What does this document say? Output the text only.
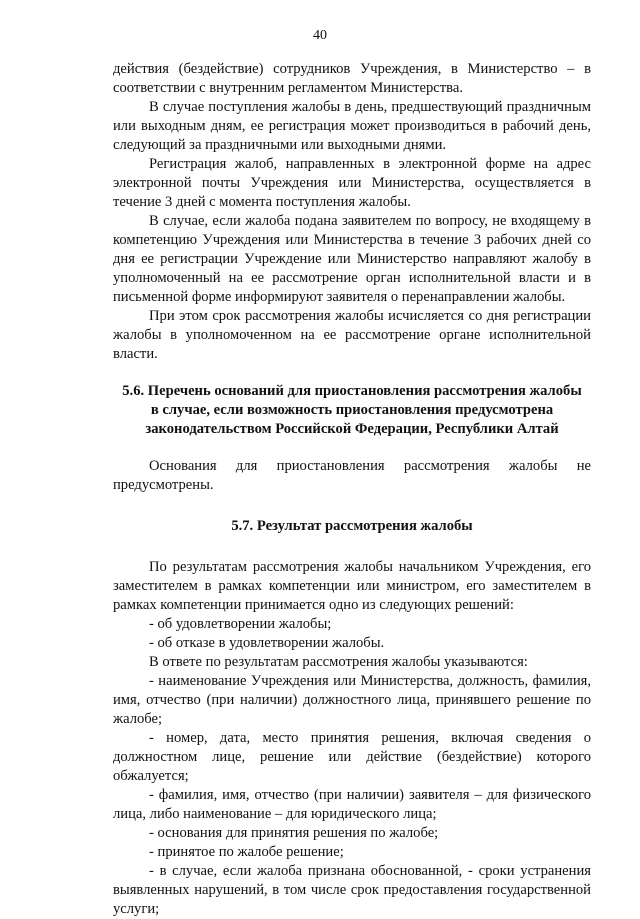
40

действия (бездействие) сотрудников Учреждения, в Министерство – в соответствии с внутренним регламентом Министерства.

В случае поступления жалобы в день, предшествующий праздничным или выходным дням, ее регистрация может производиться в рабочий день, следующий за праздничными или выходными днями.

Регистрация жалоб, направленных в электронной форме на адрес электронной почты Учреждения или Министерства, осуществляется в течение 3 дней с момента поступления жалобы.

В случае, если жалоба подана заявителем по вопросу, не входящему в компетенцию Учреждения или Министерства в течение 3 рабочих дней со дня ее регистрации Учреждение или Министерство направляют жалобу в уполномоченный на ее рассмотрение орган исполнительной власти и в письменной форме информируют заявителя о перенаправлении жалобы.

При этом срок рассмотрения жалобы исчисляется со дня регистрации жалобы в уполномоченном на ее рассмотрение органе исполнительной власти.

5.6. Перечень оснований для приостановления рассмотрения жалобы
в случае, если возможность приостановления предусмотрена
законодательством Российской Федерации, Республики Алтай

Основания для приостановления рассмотрения жалобы не предусмотрены.

5.7. Результат рассмотрения жалобы

По результатам рассмотрения жалобы начальником Учреждения, его заместителем в рамках компетенции или министром, его заместителем в рамках компетенции принимается одно из следующих решений:

- об удовлетворении жалобы;

- об отказе в удовлетворении жалобы.

В ответе по результатам рассмотрения жалобы указываются:

- наименование Учреждения или Министерства, должность, фамилия, имя, отчество (при наличии) должностного лица, принявшего решение по жалобе;

- номер, дата, место принятия решения, включая сведения о должностном лице, решение или действие (бездействие) которого обжалуется;

- фамилия, имя, отчество (при наличии) заявителя – для физического лица, либо наименование – для юридического лица;

- основания для принятия решения по жалобе;

- принятое по жалобе решение;

- в случае, если жалоба признана обоснованной, - сроки устранения выявленных нарушений, в том числе срок предоставления государственной услуги;
